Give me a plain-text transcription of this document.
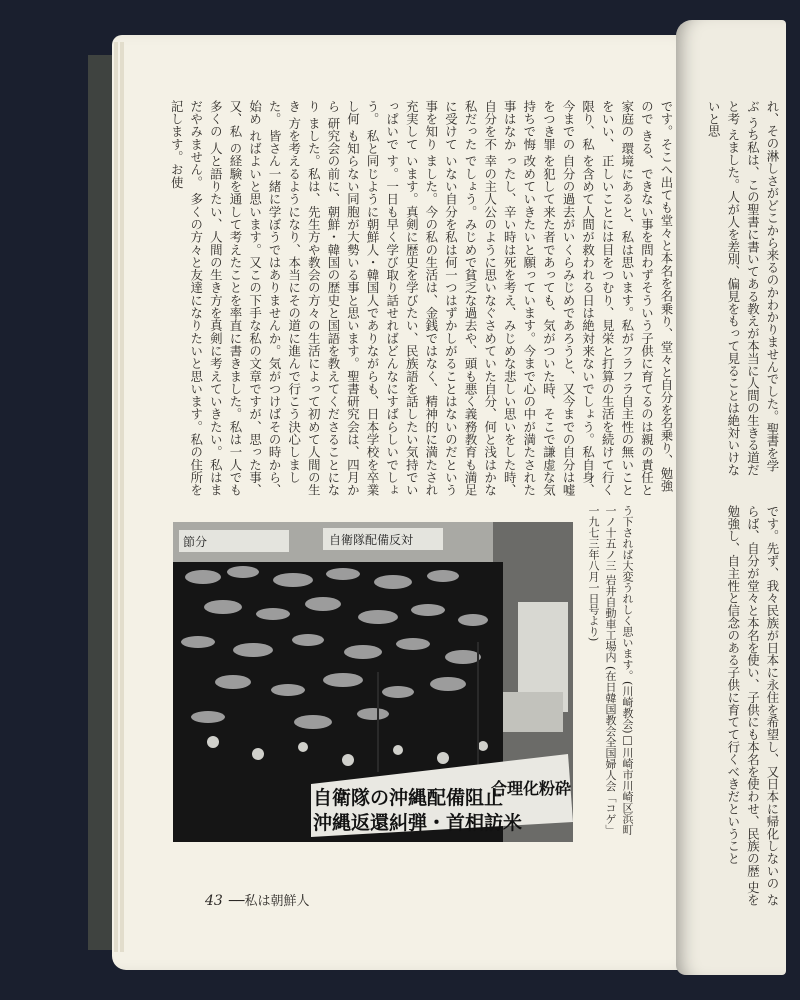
です。そこへ出ても堂々と本名を名乗り、堂々と自分を名乗り、勉強ので きる、できない事を問わずそういう子供に育てるのは親の責任と家庭の 環境にあると、私は思います。私がフラフラ自主性の無いことをいい、 正しいことには目をつむり、見栄と打算の生活を続けて行く限り、私 を含めて人間が救われる日は絶対来ないでしょう。私自身、今までの 自分の過去がいくらみじめであろうと、又今までの自分は嘘をつき罪 を犯して来た者であっても、気がついた時、そこで謙虚な気持ちで悔 改めていきたいと願っています。今まで心の中が満たされた事はなか ったし、辛い時は死を考え、みじめな悲しい思いをした時、自分を不 幸の主人公のように思いなぐさめていた自分、何と浅はかな私だった でしょう。みじめで貧乏な過去や、頭も悪く義務教育も満足に受けて いない自分を私は何一つはずかしがることはないのだという事を知り ました。今の私の生活は、金銭ではなく、精神的に満たされ充実して います。真剣に歴史を学びたい、民族語を話したい気持でいっぱいで す。一日も早く学び取り話せればどんなにすばらしいでしょう。 私と同じように朝鮮人・韓国人でありながらも、日本学校を卒業し何 も知らない同胞が大勢いる事と思います。聖書研究会は、四月から 研究会の前に、朝鮮・韓国の歴史と国語を教えてくださることになり ました。私は、先生方や教会の方々の生活によって初めて人間の生き 方を考えるようになり、本当にその道に進んで行こう決心しました。 皆さん一緒に学ぼうではありませんか。気がつけばその時から、始め ればよいと思います。又この下手な私の文章ですが、思った事、又、私 の経験を通して考えたことを率直に書きました。私は一人でも多くの 人と語りたい、人間の生き方を真剣に考えていきたい。私はまだやみません。 多くの方々と友達になりたいと思います。私の住所を記します。お使
う下されば大変うれしく思います。(川崎教会)□川崎市川崎区浜町一ノ十五ノ三 岩井自動車工場内 (在日韓国教会全国婦人会「コゲ」一九七三年八月一日号より)
れ、その淋しさがどこから来るのかわかりませんでした。聖書を学ぶ うち私は、この聖書に書いてある教えが本当に人間の生きる道だと考 えました。人が人を差別、偏見をもって見ることは絶対いけないと思
です。先ず、我々民族が日本に永住を希望し、又日本に帰化しないの ならば、自分が堂々と本名を使い、子供にも本名を使わせ、民族の歴 史を勉強し、自主性と信念のある子供に育てて行くべきだということ
節分	自衛隊配備反対
自衛隊の沖縄配備阻止
沖縄返還糾弾・首相訪米
合理化粉砕
43 ──私は朝鮮人
